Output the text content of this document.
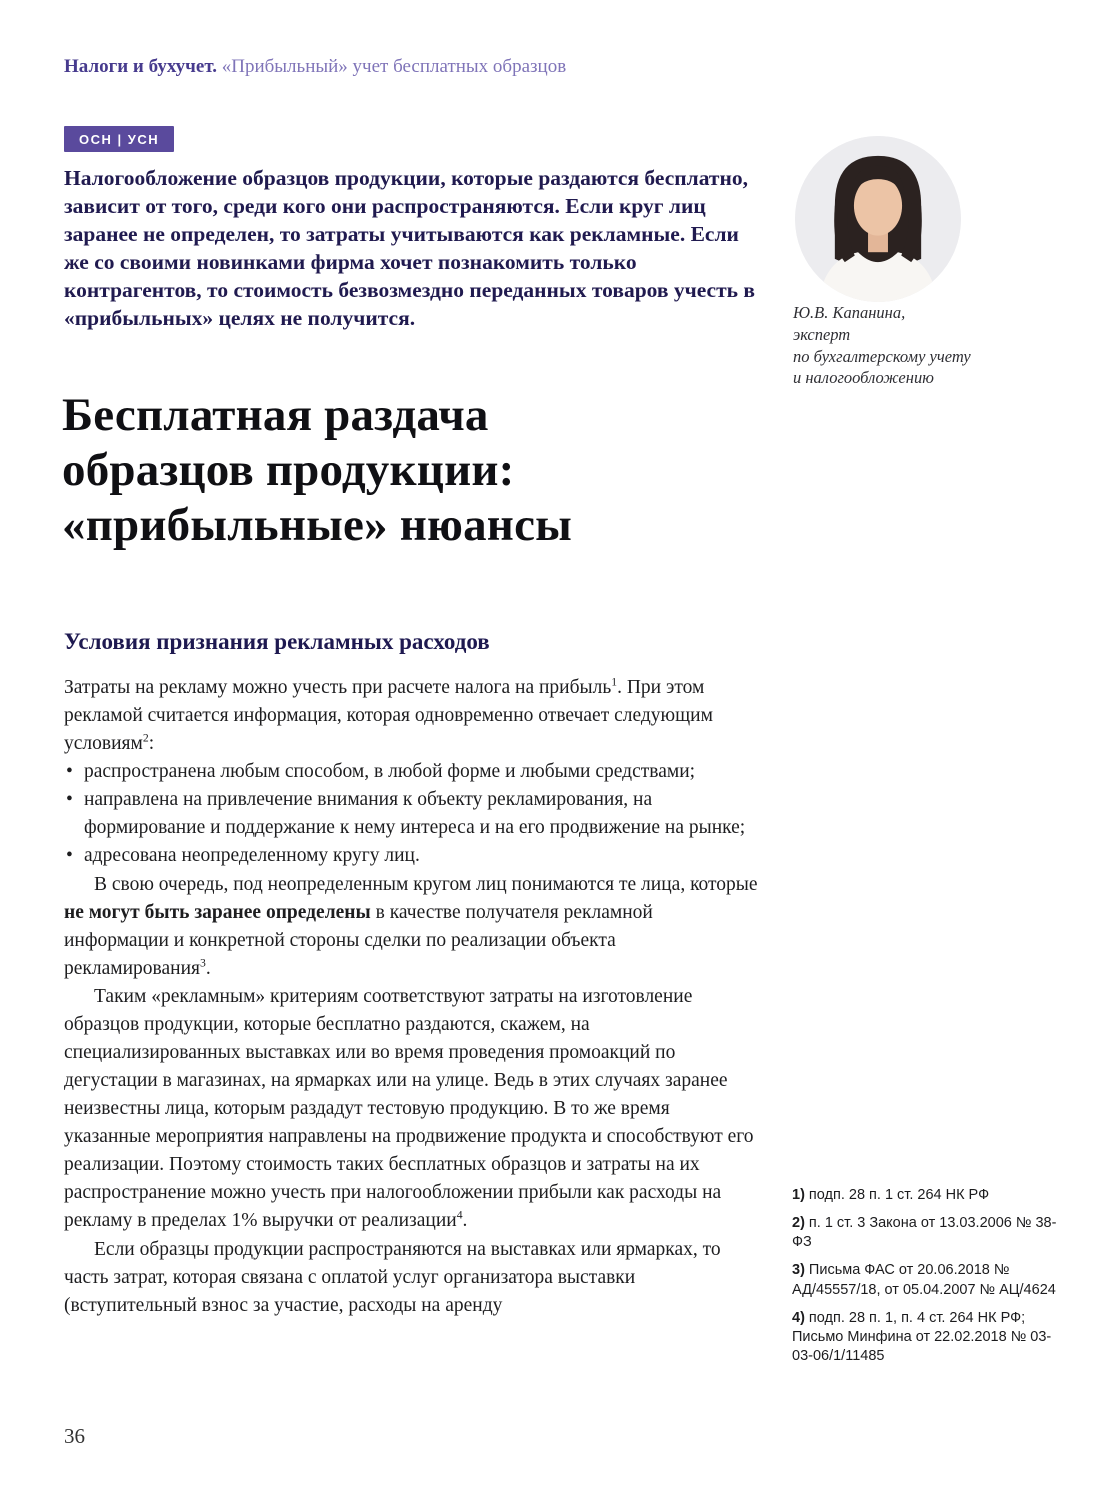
Налоги и бухучет. «Прибыльный» учет бесплатных образцов
ОСН | УСН
Налогообложение образцов продукции, которые раздаются бесплатно, зависит от того, среди кого они распространяются. Если круг лиц заранее не определен, то затраты учитываются как рекламные. Если же со своими новинками фирма хочет познакомить только контрагентов, то стоимость безвозмездно переданных товаров учесть в «прибыльных» целях не получится.	Ю.В. Капанина,
эксперт
по бухгалтерскому учету
и налогообложению
Бесплатная раздача
образцов продукции:
«прибыльные» нюансы
Условия признания рекламных расходов
Затраты на рекламу можно учесть при расчете налога на прибыль$^1$. При этом рекламой считается информация, которая одновременно отвечает следующим условиям$^2$:
• распространена любым способом, в любой форме и любыми средствами;
• направлена на привлечение внимания к объекту рекламирования, на формирование и поддержание к нему интереса и на его продвижение на рынке;
• адресована неопределенному кругу лиц.
В свою очередь, под неопределенным кругом лиц понимаются те лица, которые не могут быть заранее определены в качестве получателя рекламной информации и конкретной стороны сделки по реализации объекта рекламирования$^3$.
Таким «рекламным» критериям соответствуют затраты на изготовление образцов продукции, которые бесплатно раздаются, скажем, на специализированных выставках или во время проведения промоакций по дегустации в магазинах, на ярмарках или на улице. Ведь в этих случаях заранее неизвестны лица, которым раздадут тестовую продукцию. В то же время указанные мероприятия направлены на продвижение продукта и способствуют его реализации. Поэтому стоимость таких бесплатных образцов и затраты на их распространение можно учесть при налогообложении прибыли как расходы на рекламу в пределах 1% выручки от реализации$^4$.
Если образцы продукции распространяются на выставках или ярмарках, то часть затрат, которая связана с оплатой услуг организатора выставки (вступительный взнос за участие, расходы на аренду
1) подп. 28 п. 1 ст. 264 НК РФ
2) п. 1 ст. 3 Закона от 13.03.2006 № 38-ФЗ
3) Письма ФАС от 20.06.2018 № АД/45557/18, от 05.04.2007 № АЦ/4624
4) подп. 28 п. 1, п. 4 ст. 264 НК РФ; Письмо Минфина от 22.02.2018 № 03-03-06/1/11485
36
